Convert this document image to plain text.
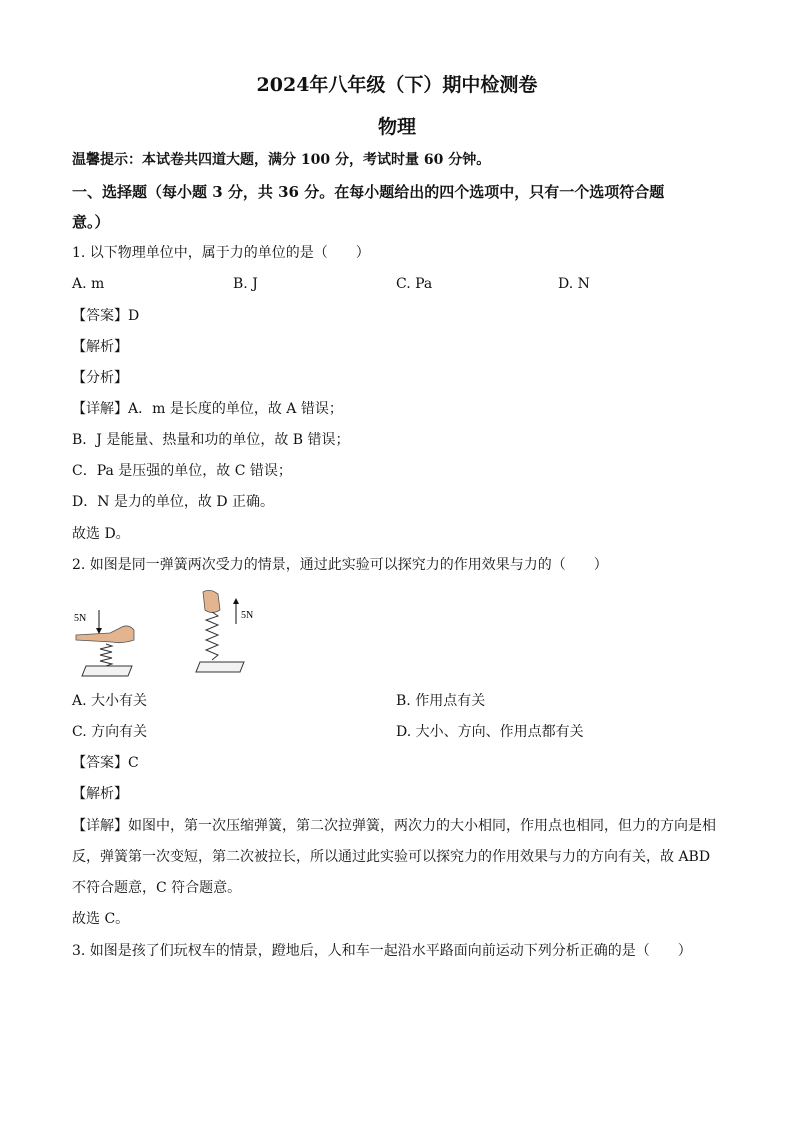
2024年八年级（下）期中检测卷
物理
温馨提示：本试卷共四道大题，满分 100 分，考试时量 60 分钟。
一、选择题（每小题 3 分，共 36 分。在每小题给出的四个选项中，只有一个选项符合题
意。）
1. 以下物理单位中，属于力的单位的是（　　）
A. m	B. J	C. Pa	D. N
【答案】D
【解析】
【分析】
【详解】A．m 是长度的单位，故 A 错误；
B．J 是能量、热量和功的单位，故 B 错误；
C．Pa 是压强的单位，故 C 错误；
D．N 是力的单位，故 D 正确。
故选 D。
2. 如图是同一弹簧两次受力的情景，通过此实验可以探究力的作用效果与力的（　　）
5N	5N
A. 大小有关	B. 作用点有关
C. 方向有关	D. 大小、方向、作用点都有关
【答案】C
【解析】
【详解】如图中，第一次压缩弹簧，第二次拉弹簧，两次力的大小相同，作用点也相同，但力的方向是相
反，弹簧第一次变短，第二次被拉长，所以通过此实验可以探究力的作用效果与力的方向有关，故 ABD
不符合题意，C 符合题意。
故选 C。
3. 如图是孩了们玩杈车的情景，蹬地后，人和车一起沿水平路面向前运动下列分析正确的是（　　）
